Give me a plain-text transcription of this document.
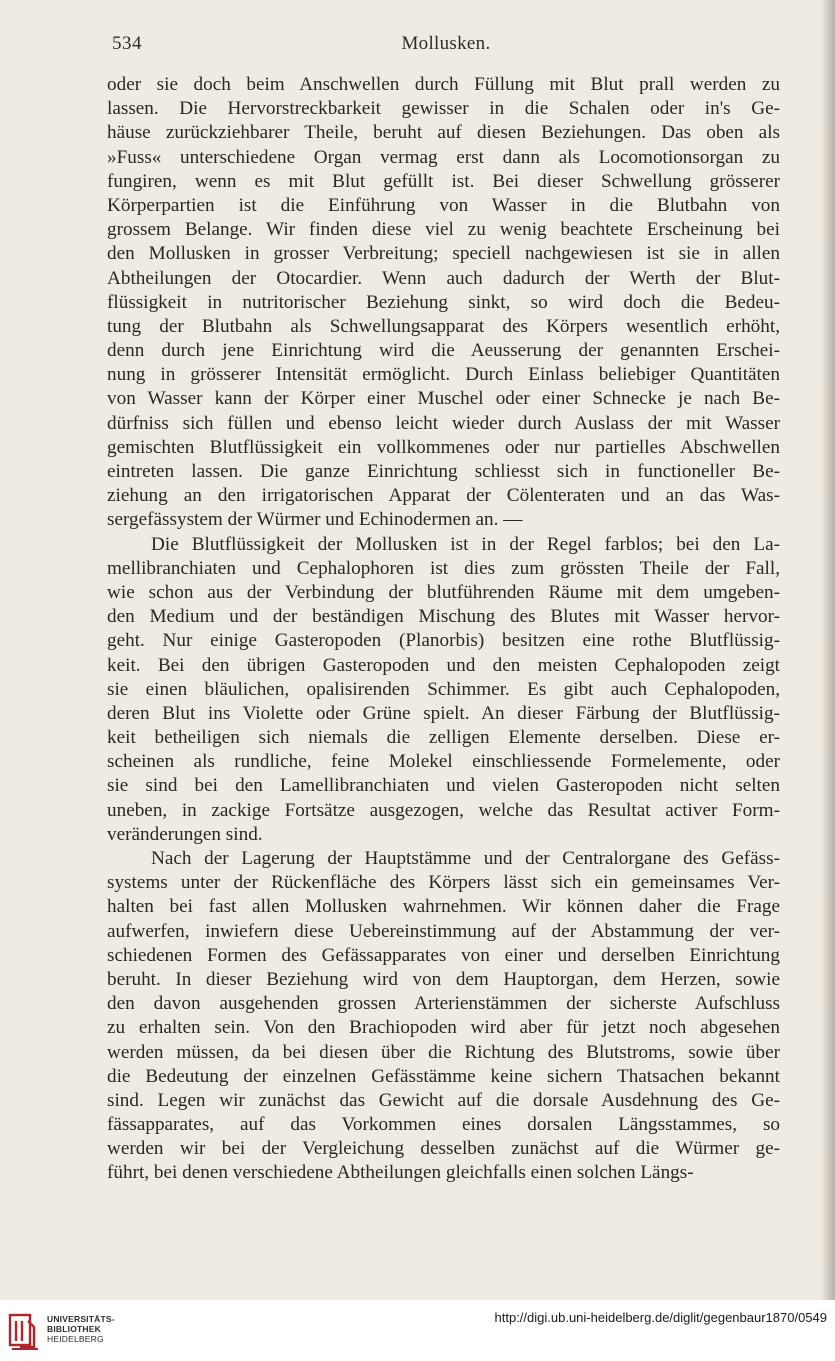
534	Mollusken.
oder sie doch beim Anschwellen durch Füllung mit Blut prall werden zu
lassen. Die Hervorstreckbarkeit gewisser in die Schalen oder in's Ge-
häuse zurückziehbarer Theile, beruht auf diesen Beziehungen. Das oben als
»Fuss« unterschiedene Organ vermag erst dann als Locomotionsorgan zu
fungiren, wenn es mit Blut gefüllt ist. Bei dieser Schwellung grösserer
Körperpartien ist die Einführung von Wasser in die Blutbahn von
grossem Belange. Wir finden diese viel zu wenig beachtete Erscheinung bei
den Mollusken in grosser Verbreitung; speciell nachgewiesen ist sie in allen
Abtheilungen der Otocardier. Wenn auch dadurch der Werth der Blut-
flüssigkeit in nutritorischer Beziehung sinkt, so wird doch die Bedeu-
tung der Blutbahn als Schwellungsapparat des Körpers wesentlich erhöht,
denn durch jene Einrichtung wird die Aeusserung der genannten Erschei-
nung in grösserer Intensität ermöglicht. Durch Einlass beliebiger Quantitäten
von Wasser kann der Körper einer Muschel oder einer Schnecke je nach Be-
dürfniss sich füllen und ebenso leicht wieder durch Auslass der mit Wasser
gemischten Blutflüssigkeit ein vollkommenes oder nur partielles Abschwellen
eintreten lassen. Die ganze Einrichtung schliesst sich in functioneller Be-
ziehung an den irrigatorischen Apparat der Cölenteraten und an das Was-
sergefässystem der Würmer und Echinodermen an. —
Die Blutflüssigkeit der Mollusken ist in der Regel farblos; bei den La-
mellibranchiaten und Cephalophoren ist dies zum grössten Theile der Fall,
wie schon aus der Verbindung der blutführenden Räume mit dem umgeben-
den Medium und der beständigen Mischung des Blutes mit Wasser hervor-
geht. Nur einige Gasteropoden (Planorbis) besitzen eine rothe Blutflüssig-
keit. Bei den übrigen Gasteropoden und den meisten Cephalopoden zeigt
sie einen bläulichen, opalisirenden Schimmer. Es gibt auch Cephalopoden,
deren Blut ins Violette oder Grüne spielt. An dieser Färbung der Blutflüssig-
keit betheiligen sich niemals die zelligen Elemente derselben. Diese er-
scheinen als rundliche, feine Molekel einschliessende Formelemente, oder
sie sind bei den Lamellibranchiaten und vielen Gasteropoden nicht selten
uneben, in zackige Fortsätze ausgezogen, welche das Resultat activer Form-
veränderungen sind.
Nach der Lagerung der Hauptstämme und der Centralorgane des Gefäss-
systems unter der Rückenfläche des Körpers lässt sich ein gemeinsames Ver-
halten bei fast allen Mollusken wahrnehmen. Wir können daher die Frage
aufwerfen, inwiefern diese Uebereinstimmung auf der Abstammung der ver-
schiedenen Formen des Gefässapparates von einer und derselben Einrichtung
beruht. In dieser Beziehung wird von dem Hauptorgan, dem Herzen, sowie
den davon ausgehenden grossen Arterienstämmen der sicherste Aufschluss
zu erhalten sein. Von den Brachiopoden wird aber für jetzt noch abgesehen
werden müssen, da bei diesen über die Richtung des Blutstroms, sowie über
die Bedeutung der einzelnen Gefässtämme keine sichern Thatsachen bekannt
sind. Legen wir zunächst das Gewicht auf die dorsale Ausdehnung des Ge-
fässapparates, auf das Vorkommen eines dorsalen Längsstammes, so
werden wir bei der Vergleichung desselben zunächst auf die Würmer ge-
führt, bei denen verschiedene Abtheilungen gleichfalls einen solchen Längs-
UNIVERSITÄTS-
BIBLIOTHEK
HEIDELBERG
http://digi.ub.uni-heidelberg.de/diglit/gegenbaur1870/0549
